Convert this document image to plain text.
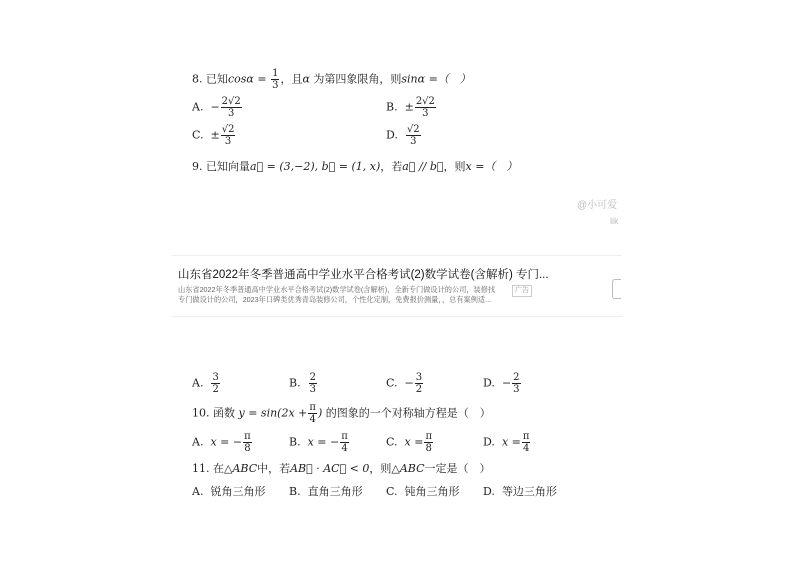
8. 已知$\cos\alpha = \frac{1}{3}$ ，且α 为第四象限角，则sinα =（　）
A. − $\frac{2√2}{3}$	B. ± $\frac{2√2}{3}$
C. ± $\frac{√2}{3}$	D. $\frac{√2}{3}$
9. 已知向量a⃗ = (3,−2), b⃗ = (1, x)，若a⃗ // b⃗，则x =（　）
@小可爱
lik
山东省2022年冬季普通高中学业水平合格考试(2)数学试卷(含解析) 专门...
山东省2022年冬季普通高中学业水平合格考试(2)数学试卷(含解析)，全新专门做设计的公司，装修找
专门做设计的公司，2023年口碑类优秀青岛装修公司，个性化定制，免费报价测量，，总有案例适...
广告
A. $\frac{3}{2}$	B. $\frac{2}{3}$	C. − $\frac{3}{2}$	D. − $\frac{2}{3}$
10. 函数 $y = \sin(2x + \frac{\pi}{4}$ ) 的图象的一个对称轴方程是（　）
A. x = − $\frac{\pi}{8}$	B. x = − $\frac{\pi}{4}$	C. $x = \frac{\pi}{8}$	D. $x = \frac{\pi}{4}$
11. 在△ABC中，若AB⃗ · AC⃗ < 0，则△ABC一定是（　）
A. 锐角三角形 B. 直角三角形 C. 钝角三角形 D. 等边三角形
